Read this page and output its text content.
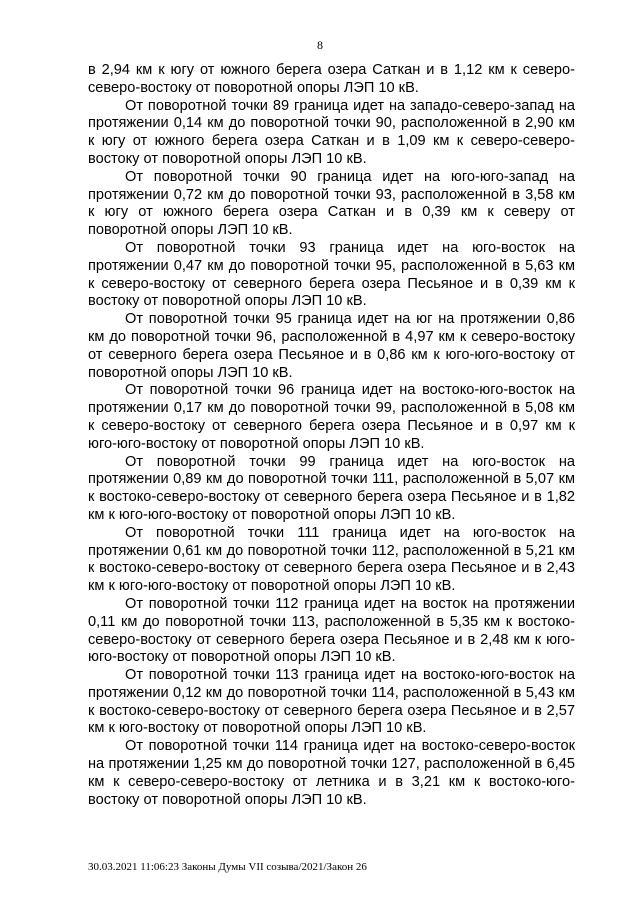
8

в 2,94 км к югу от южного берега озера Саткан и в 1,12 км к северо-северо-востоку от поворотной опоры ЛЭП 10 кВ.

От поворотной точки 89 граница идет на западо-северо-запад на протяжении 0,14 км до поворотной точки 90, расположенной в 2,90 км к югу от южного берега озера Саткан и в 1,09 км к северо-северо-востоку от поворотной опоры ЛЭП 10 кВ.

От поворотной точки 90 граница идет на юго-юго-запад на протяжении 0,72 км до поворотной точки 93, расположенной в 3,58 км к югу от южного берега озера Саткан и в 0,39 км к северу от поворотной опоры ЛЭП 10 кВ.

От поворотной точки 93 граница идет на юго-восток на протяжении 0,47 км до поворотной точки 95, расположенной в 5,63 км к северо-востоку от северного берега озера Песьяное и в 0,39 км к востоку от поворотной опоры ЛЭП 10 кВ.

От поворотной точки 95 граница идет на юг на протяжении 0,86 км до поворотной точки 96, расположенной в 4,97 км к северо-востоку от северного берега озера Песьяное и в 0,86 км к юго-юго-востоку от поворотной опоры ЛЭП 10 кВ.

От поворотной точки 96 граница идет на востоко-юго-восток на протяжении 0,17 км до поворотной точки 99, расположенной в 5,08 км к северо-востоку от северного берега озера Песьяное и в 0,97 км к юго-юго-востоку от поворотной опоры ЛЭП 10 кВ.

От поворотной точки 99 граница идет на юго-восток на протяжении 0,89 км до поворотной точки 111, расположенной в 5,07 км к востоко-северо-востоку от северного берега озера Песьяное и в 1,82 км к юго-юго-востоку от поворотной опоры ЛЭП 10 кВ.

От поворотной точки 111 граница идет на юго-восток на протяжении 0,61 км до поворотной точки 112, расположенной в 5,21 км к востоко-северо-востоку от северного берега озера Песьяное и в 2,43 км к юго-юго-востоку от поворотной опоры ЛЭП 10 кВ.

От поворотной точки 112 граница идет на восток на протяжении 0,11 км до поворотной точки 113, расположенной в 5,35 км к востоко-северо-востоку от северного берега озера Песьяное и в 2,48 км к юго-юго-востоку от поворотной опоры ЛЭП 10 кВ.

От поворотной точки 113 граница идет на востоко-юго-восток на протяжении 0,12 км до поворотной точки 114, расположенной в 5,43 км к востоко-северо-востоку от северного берега озера Песьяное и в 2,57 км к юго-востоку от поворотной опоры ЛЭП 10 кВ.

От поворотной точки 114 граница идет на востоко-северо-восток на протяжении 1,25 км до поворотной точки 127, расположенной в 6,45 км к северо-северо-востоку от летника и в 3,21 км к востоко-юго-востоку от поворотной опоры ЛЭП 10 кВ.

30.03.2021 11:06:23 Законы Думы VII созыва/2021/Закон 26
